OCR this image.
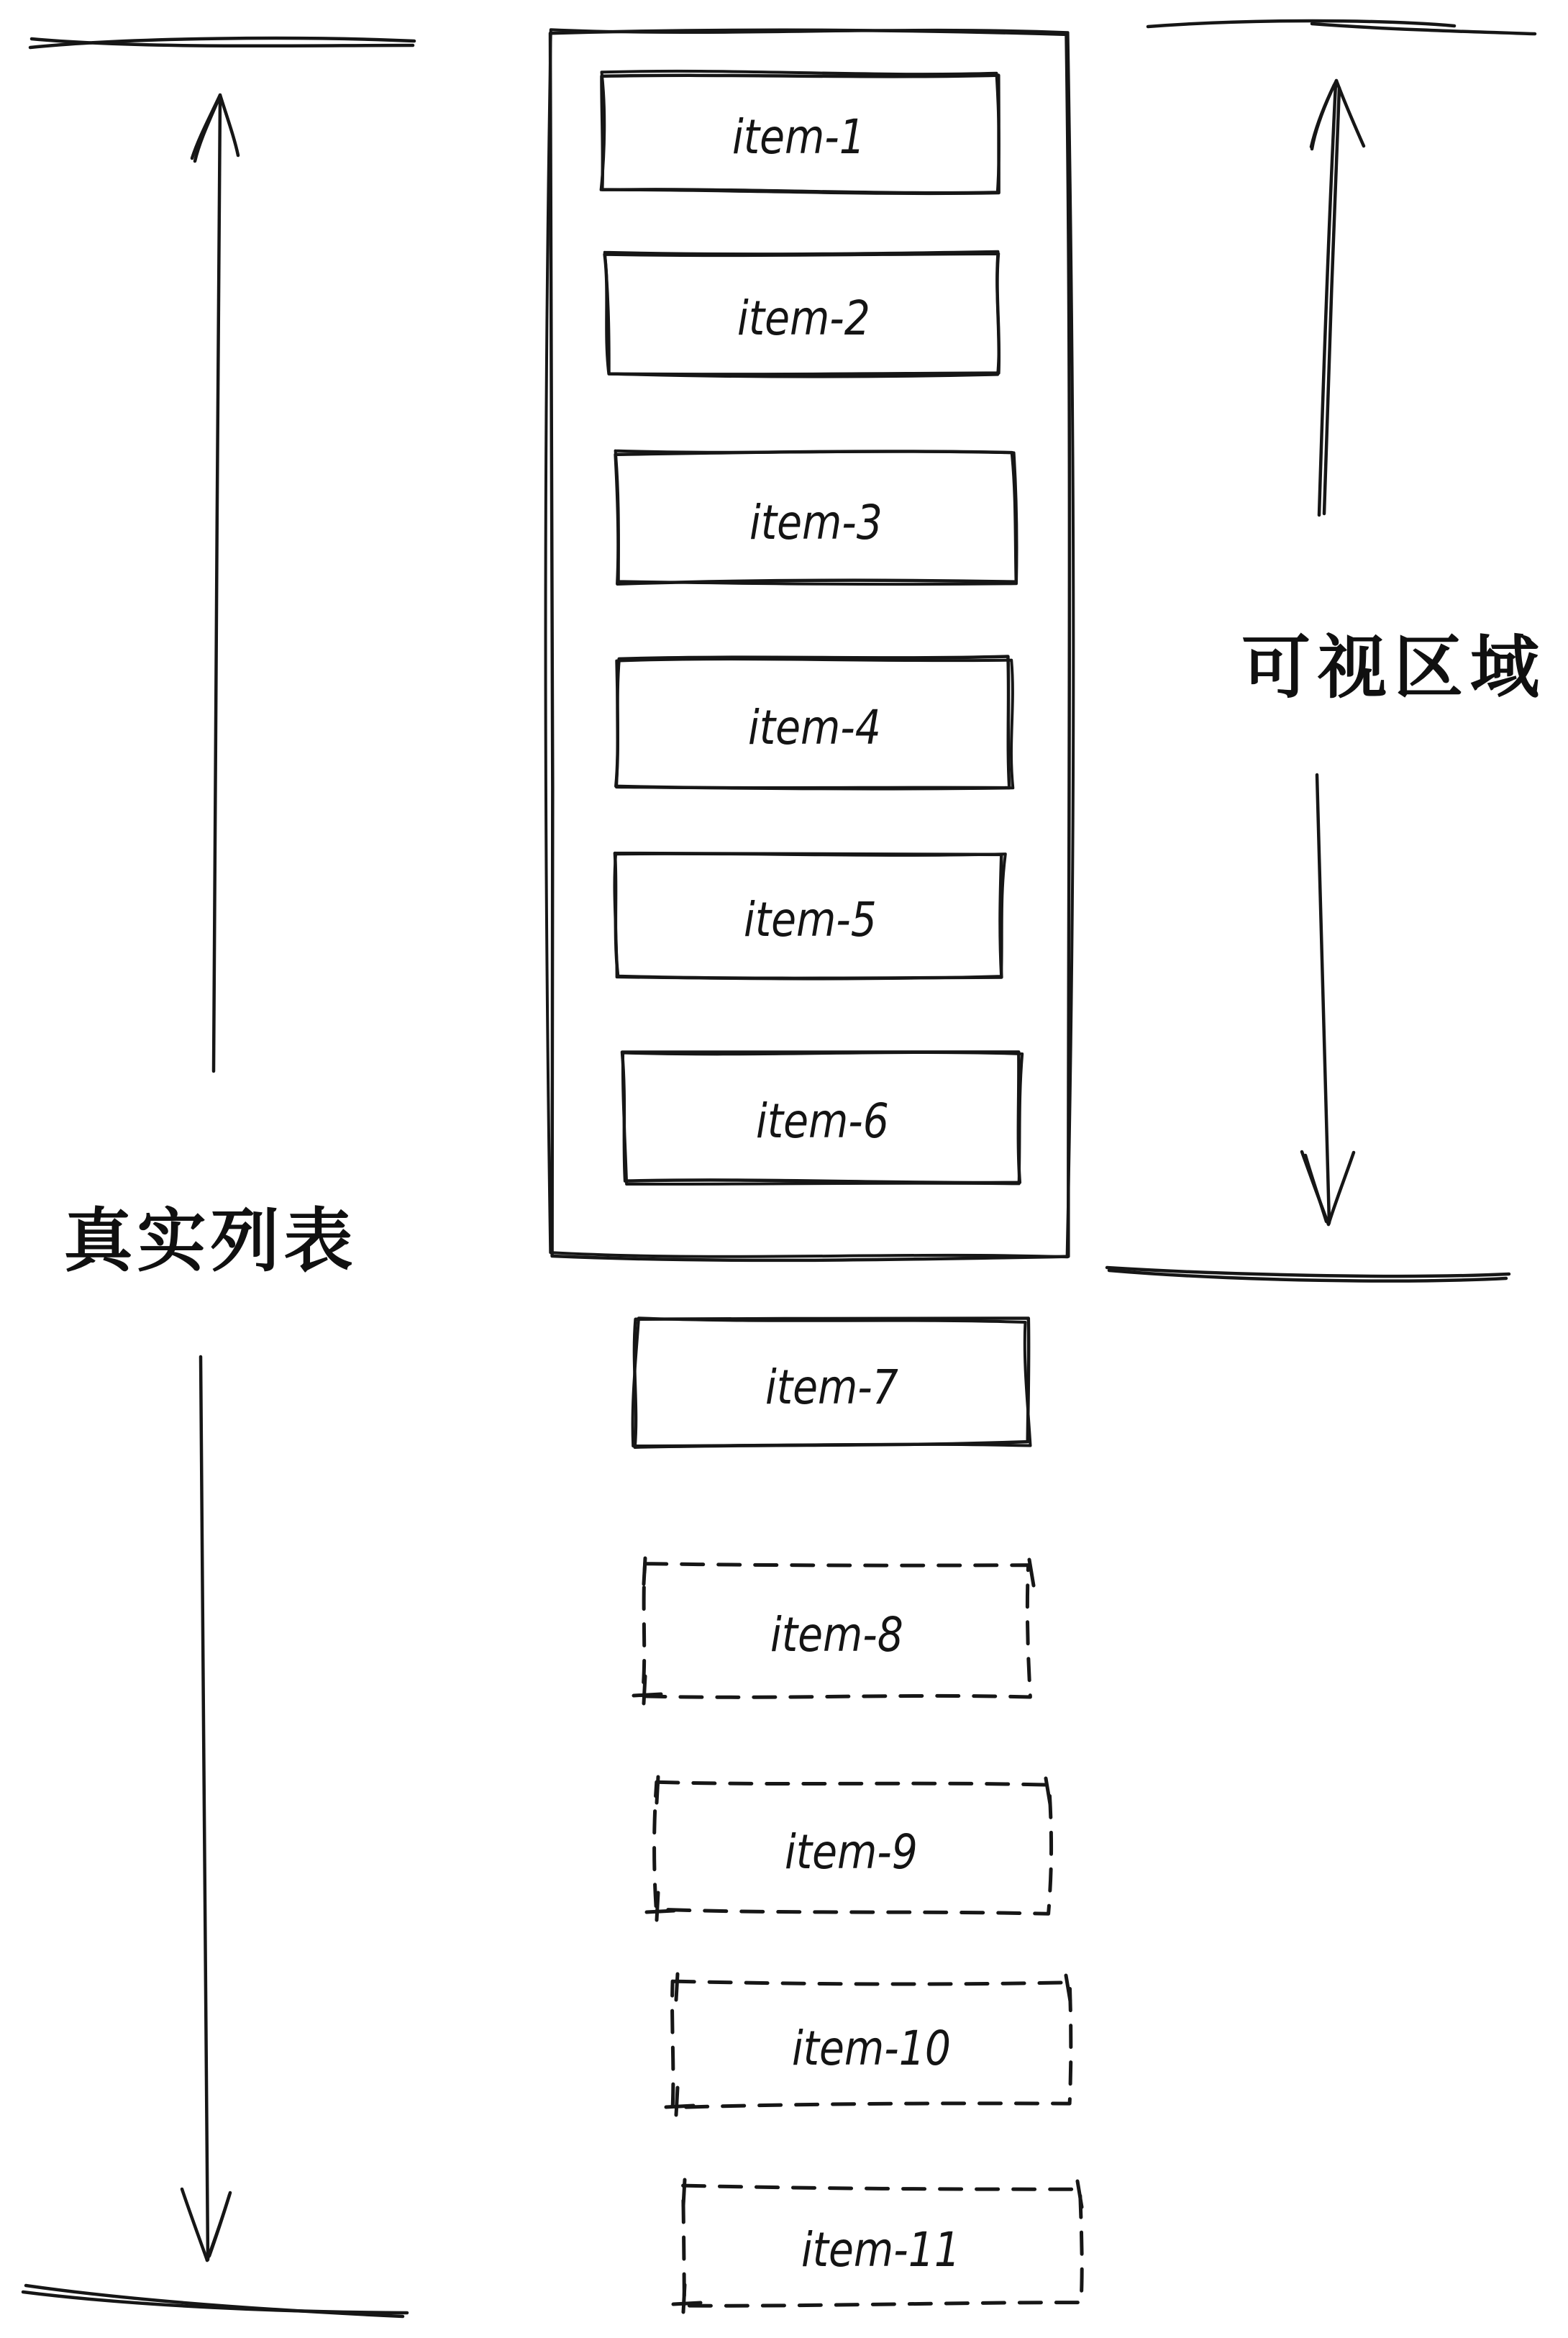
item-1
item-2
item-3
item-4
item-5
item-6
item-7
item-8
item-9
item-10
item-11
真实列表
可视区域
